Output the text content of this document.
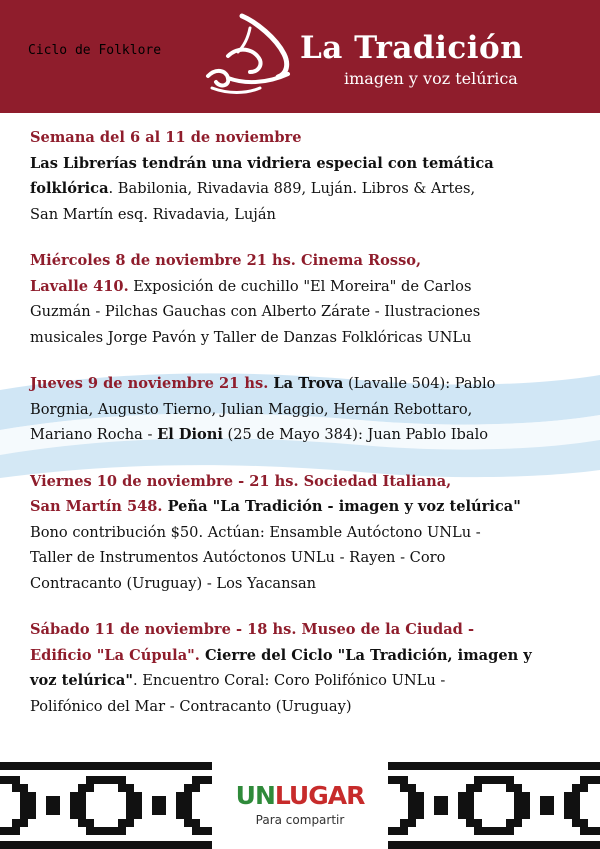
Ciclo de Folklore	La Tradición
imagen y voz telúrica

Semana del 6 al 11 de noviembre

Las Librerías tendrán una vidriera especial con temática

folklórica. Babilonia, Rivadavia 889, Luján. Libros & Artes,

San Martín esq. Rivadavia, Luján

Miércoles 8 de noviembre 21 hs. Cinema Rosso,

Lavalle 410. Exposición de cuchillo "El Moreira" de Carlos

Guzmán - Pilchas Gauchas con Alberto Zárate - Ilustraciones

musicales Jorge Pavón y Taller de Danzas Folklóricas UNLu

Jueves 9 de noviembre 21 hs. La Trova (Lavalle 504): Pablo

Borgnia, Augusto Tierno, Julian Maggio, Hernán Rebottaro,

Mariano Rocha - El Dioni (25 de Mayo 384): Juan Pablo Ibalo

Viernes 10 de noviembre - 21 hs. Sociedad Italiana,

San Martín 548. Peña "La Tradición - imagen y voz telúrica"

Bono contribución $50. Actúan: Ensamble Autóctono UNLu -

Taller de Instrumentos Autóctonos UNLu - Rayen - Coro

Contracanto (Uruguay) - Los Yacansan

Sábado 11 de noviembre - 18 hs. Museo de la Ciudad -

Edificio "La Cúpula". Cierre del Ciclo "La Tradición, imagen y

voz telúrica". Encuentro Coral: Coro Polifónico UNLu -

Polifónico del Mar - Contracanto (Uruguay)

UNLUGAR
Para compartir
